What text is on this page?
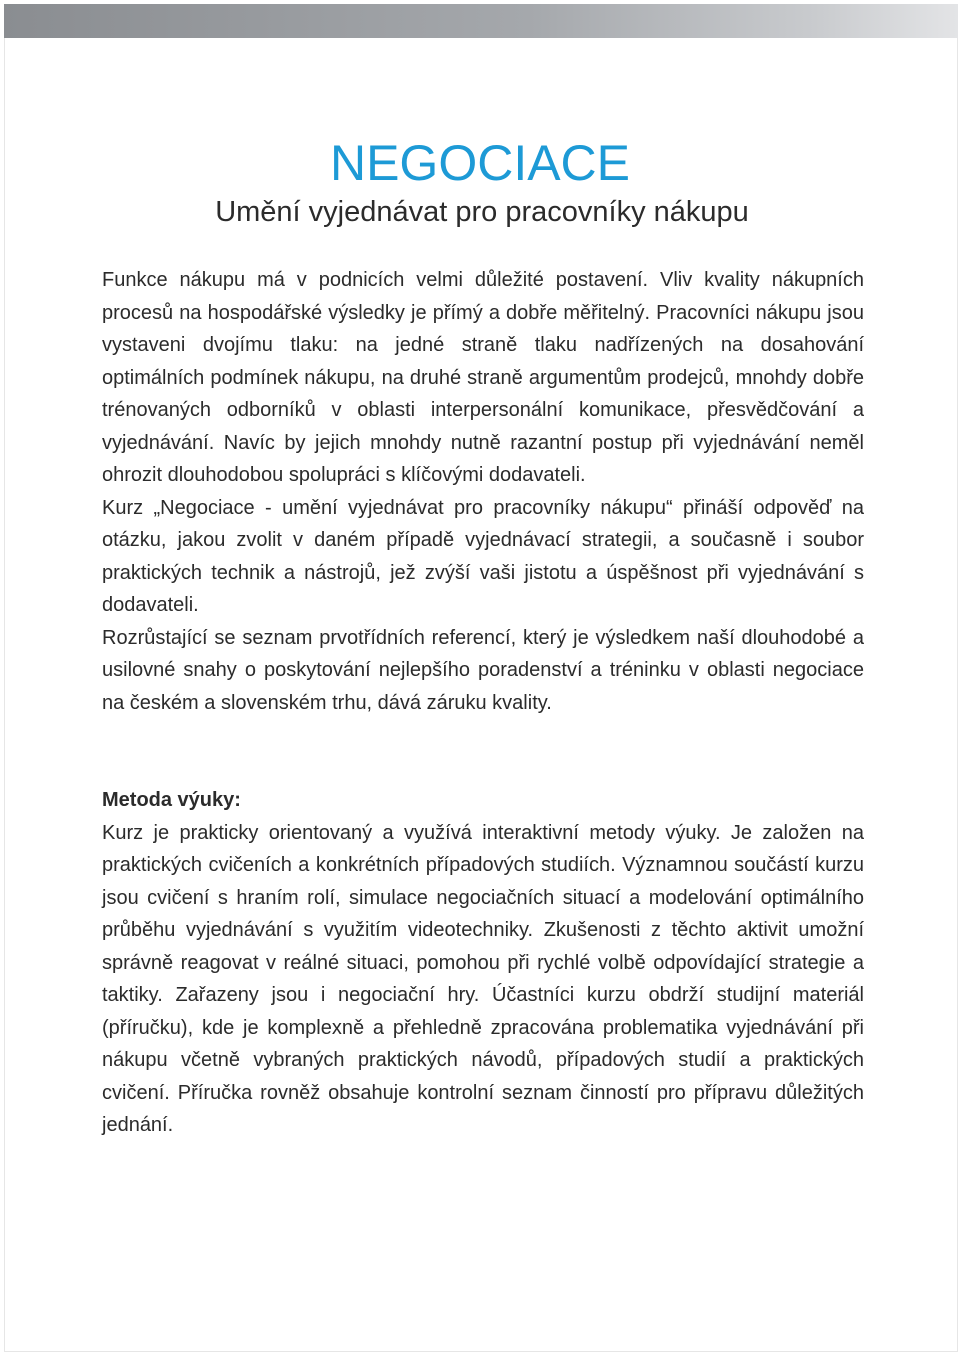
NEGOCIACE
Umění vyjednávat pro pracovníky nákupu

Funkce nákupu má v podnicích velmi důležité postavení. Vliv kvality nákupních procesů na hospodářské výsledky je přímý a dobře měřitelný. Pracovníci nákupu jsou vystaveni dvojímu tlaku: na jedné straně tlaku nadřízených na dosahování optimálních podmínek nákupu, na druhé straně argumentům prodejců, mnohdy dobře trénovaných odborníků v oblasti interpersonální komunikace, přesvědčování a vyjednávání. Navíc by jejich mnohdy nutně razantní postup při vyjednávání neměl ohrozit dlouhodobou spolupráci s klíčovými dodavateli.

Kurz „Negociace - umění vyjednávat pro pracovníky nákupu“ přináší odpověď na otázku, jakou zvolit v daném případě vyjednávací strategii, a současně i soubor praktických technik a nástrojů, jež zvýší vaši jistotu a úspěšnost při vyjednávání s dodavateli.

Rozrůstající se seznam prvotřídních referencí, který je výsledkem naší dlouhodobé a usilovné snahy o poskytování nejlepšího poradenství a tréninku v oblasti negociace na českém a slovenském trhu, dává záruku kvality.

Metoda výuky:

Kurz je prakticky orientovaný a využívá interaktivní metody výuky. Je založen na praktických cvičeních a konkrétních případových studiích. Významnou součástí kurzu jsou cvičení s hraním rolí, simulace negociačních situací a modelování optimálního průběhu vyjednávání s využitím videotechniky. Zkušenosti z těchto aktivit umožní správně reagovat v reálné situaci, pomohou při rychlé volbě odpovídající strategie a taktiky. Zařazeny jsou i negociační hry. Účastníci kurzu obdrží studijní materiál (příručku), kde je komplexně a přehledně zpracována problematika vyjednávání při nákupu včetně vybraných praktických návodů, případových studií a praktických cvičení. Příručka rovněž obsahuje kontrolní seznam činností pro přípravu důležitých jednání.
